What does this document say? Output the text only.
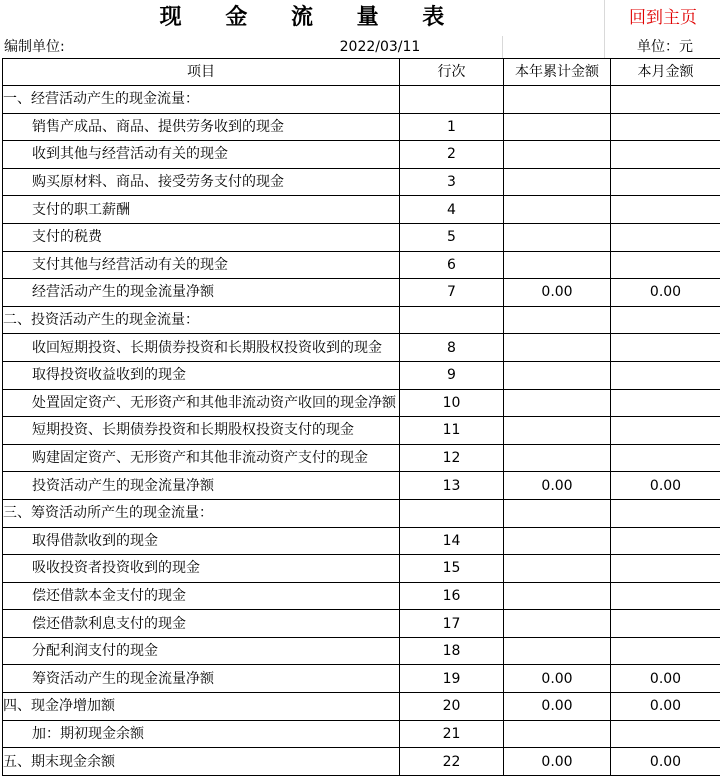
现 金 流 量 表	回到主页
编制单位:	2022/03/11	单位：元
项目	行次	本年累计金额	本月金额
一、经营活动产生的现金流量：			
销售产成品、商品、提供劳务收到的现金	1		
收到其他与经营活动有关的现金	2		
购买原材料、商品、接受劳务支付的现金	3		
支付的职工薪酬	4		
支付的税费	5		
支付其他与经营活动有关的现金	6		
经营活动产生的现金流量净额	7	0.00	0.00
二、投资活动产生的现金流量：			
收回短期投资、长期债券投资和长期股权投资收到的现金	8		
取得投资收益收到的现金	9		
处置固定资产、无形资产和其他非流动资产收回的现金净额	10		
短期投资、长期债券投资和长期股权投资支付的现金	11		
购建固定资产、无形资产和其他非流动资产支付的现金	12		
投资活动产生的现金流量净额	13	0.00	0.00
三、筹资活动所产生的现金流量：			
取得借款收到的现金	14		
吸收投资者投资收到的现金	15		
偿还借款本金支付的现金	16		
偿还借款利息支付的现金	17		
分配利润支付的现金	18		
筹资活动产生的现金流量净额	19	0.00	0.00
四、现金净增加额	20	0.00	0.00
加：期初现金余额	21		
五、期末现金余额	22	0.00	0.00
